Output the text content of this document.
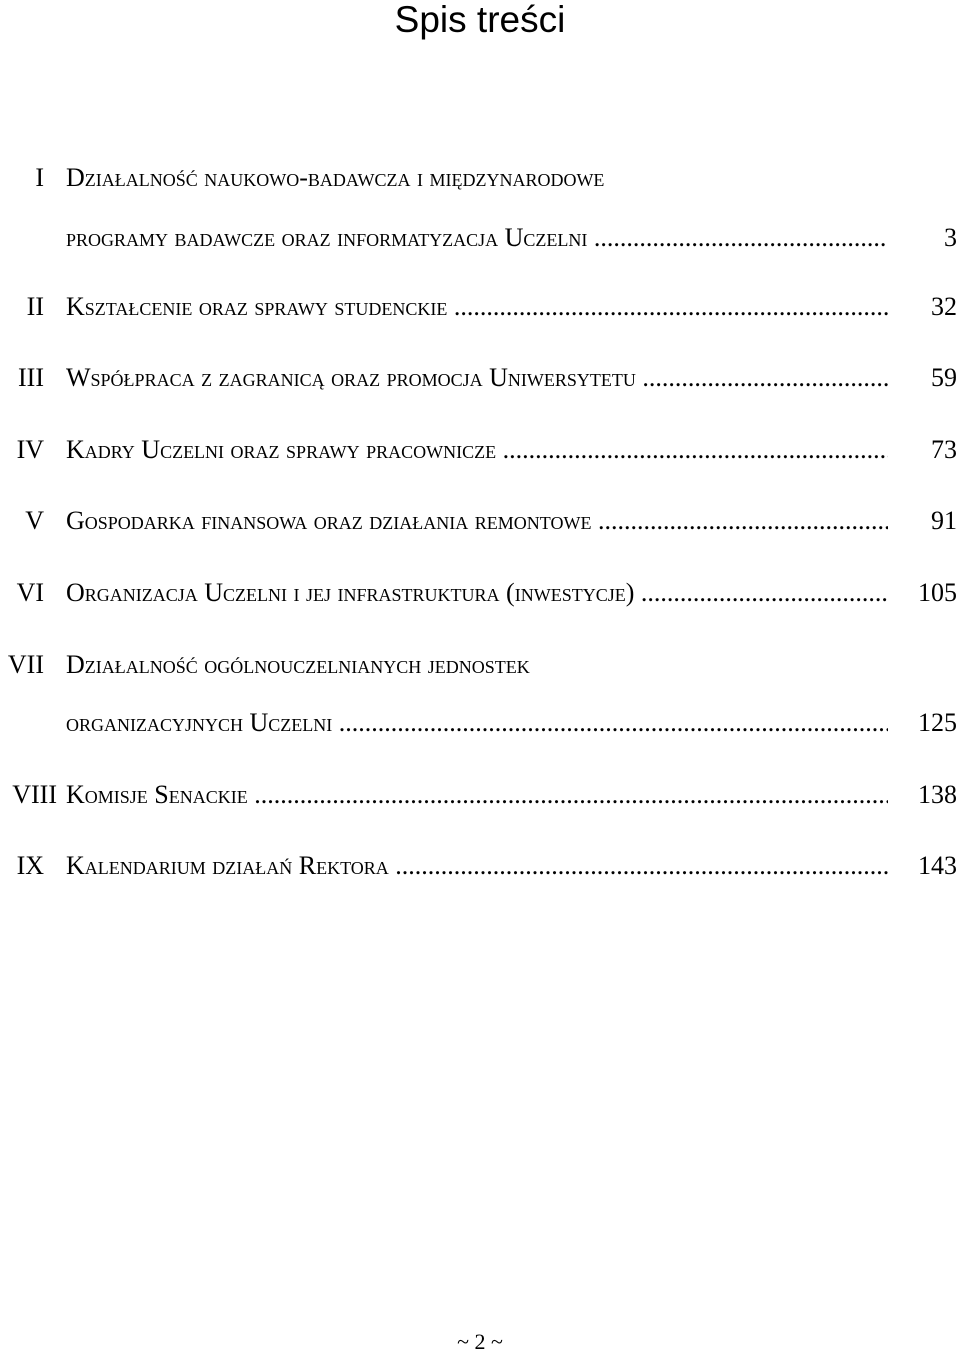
Spis treści
I Działalność naukowo-badawcza i międzynarodowe
programy badawcze oraz informatyzacja Uczelni .....	3
II Kształcenie oraz sprawy studenckie .....	32
III Współpraca z zagranicą oraz promocja Uniwersytetu .....	59
IV Kadry Uczelni oraz sprawy pracownicze .....	73
V Gospodarka finansowa oraz działania remontowe .....	91
VI Organizacja Uczelni i jej infrastruktura (inwestycje) .....	105
VII Działalność ogólnouczelnianych jednostek
organizacyjnych Uczelni .....	125
VIII Komisje Senackie .....	138
IX Kalendarium działań Rektora .....	143
~ 2 ~
